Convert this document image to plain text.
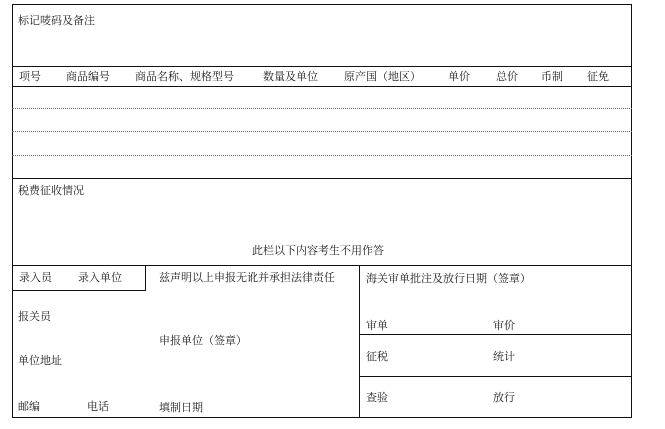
标记唛码及备注
项号 商品编号 商品名称、规格型号	数量及单位 原产国（地区） 单价 总价 币制 征免
税费征收情况
此栏以下内容考生不用作答
录入员 录入单位	兹声明以上申报无讹并承担法律责任
报关员
申报单位（签章）
单位地址
邮编	电话	填制日期
海关审单批注及放行日期（签章）
审单	审价
征税	统计
查验	放行
